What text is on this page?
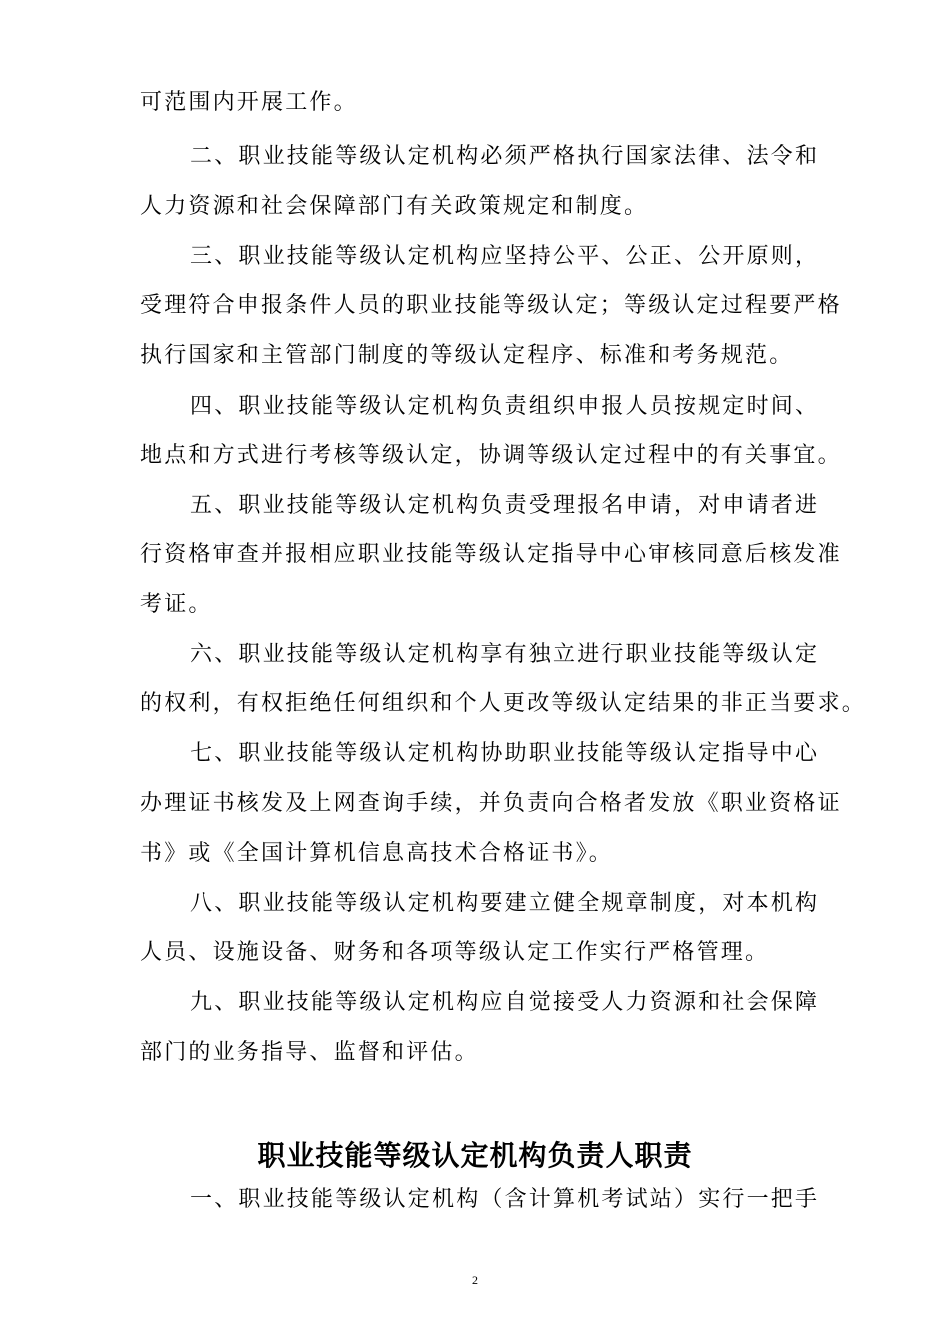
可范围内开展工作。
二、职业技能等级认定机构必须严格执行国家法律、法令和
人力资源和社会保障部门有关政策规定和制度。
三、职业技能等级认定机构应坚持公平、公正、公开原则，
受理符合申报条件人员的职业技能等级认定；等级认定过程要严格
执行国家和主管部门制度的等级认定程序、标准和考务规范。
四、职业技能等级认定机构负责组织申报人员按规定时间、
地点和方式进行考核等级认定，协调等级认定过程中的有关事宜。
五、职业技能等级认定机构负责受理报名申请，对申请者进
行资格审查并报相应职业技能等级认定指导中心审核同意后核发准
考证。
六、职业技能等级认定机构享有独立进行职业技能等级认定
的权利，有权拒绝任何组织和个人更改等级认定结果的非正当要求。
七、职业技能等级认定机构协助职业技能等级认定指导中心
办理证书核发及上网查询手续，并负责向合格者发放《职业资格证
书》或《全国计算机信息高技术合格证书》。
八、职业技能等级认定机构要建立健全规章制度，对本机构
人员、设施设备、财务和各项等级认定工作实行严格管理。
九、职业技能等级认定机构应自觉接受人力资源和社会保障
部门的业务指导、监督和评估。
职业技能等级认定机构负责人职责
一、职业技能等级认定机构（含计算机考试站）实行一把手
2
